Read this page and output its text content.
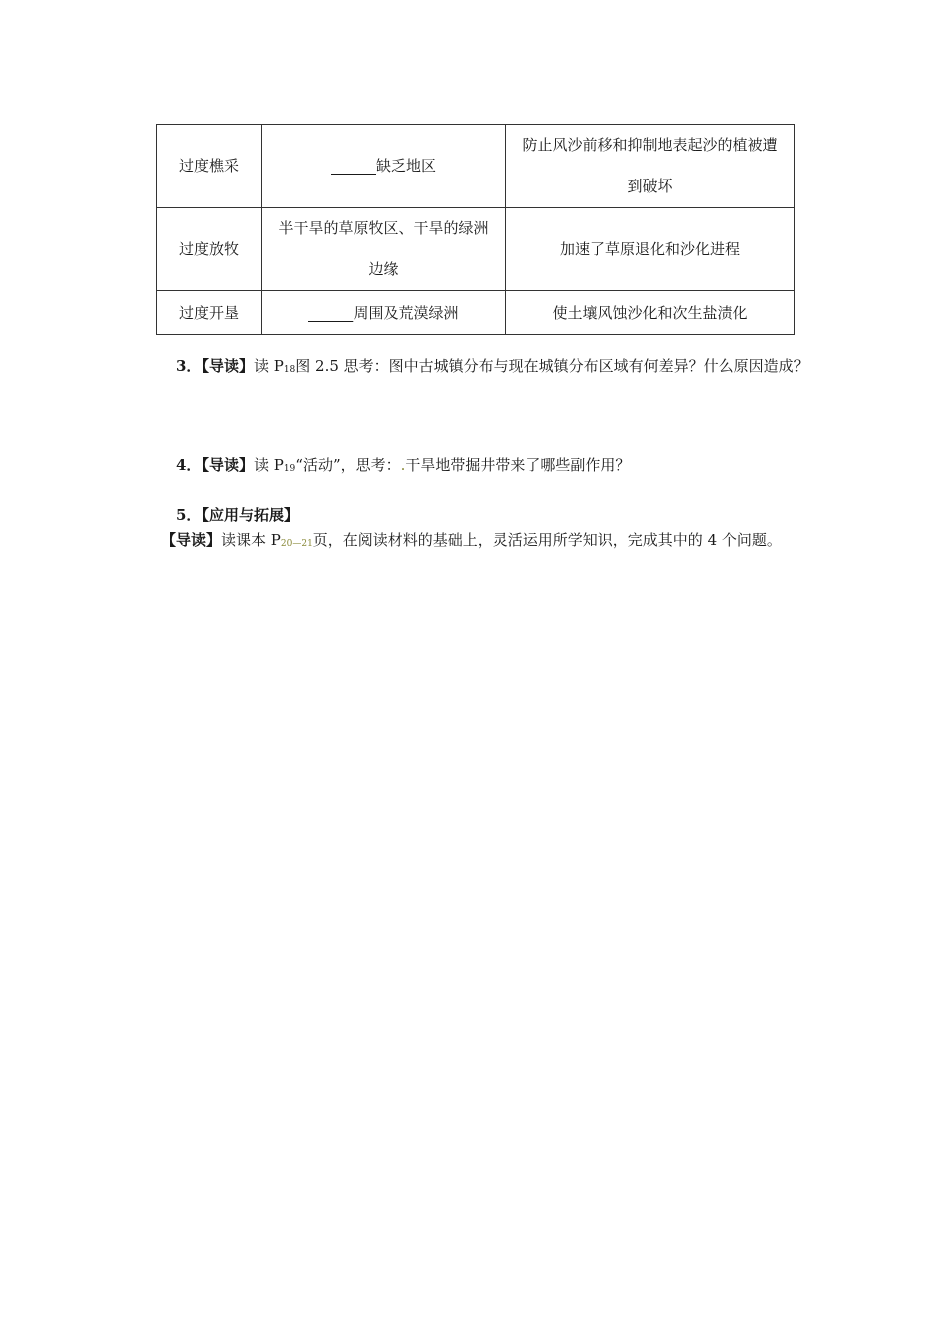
过度樵采	______缺乏地区	防止风沙前移和抑制地表起沙的植被遭到破坏
过度放牧	半干旱的草原牧区、干旱的绿洲边缘	加速了草原退化和沙化进程
过度开垦	______周围及荒漠绿洲	使土壤风蚀沙化和次生盐渍化
3．【导读】读 $P_{18}$图 2.5 思考：图中古城镇分布与现在城镇分布区域有何差异？什么原因造成？
4．【导读】读 $P_{19}“$活动”，思考：.干旱地带掘井带来了哪些副作用？
5．【应用与拓展】
【导读】读课本 $P_{20—21}$页，在阅读材料的基础上，灵活运用所学知识，完成其中的 4 个问题。
